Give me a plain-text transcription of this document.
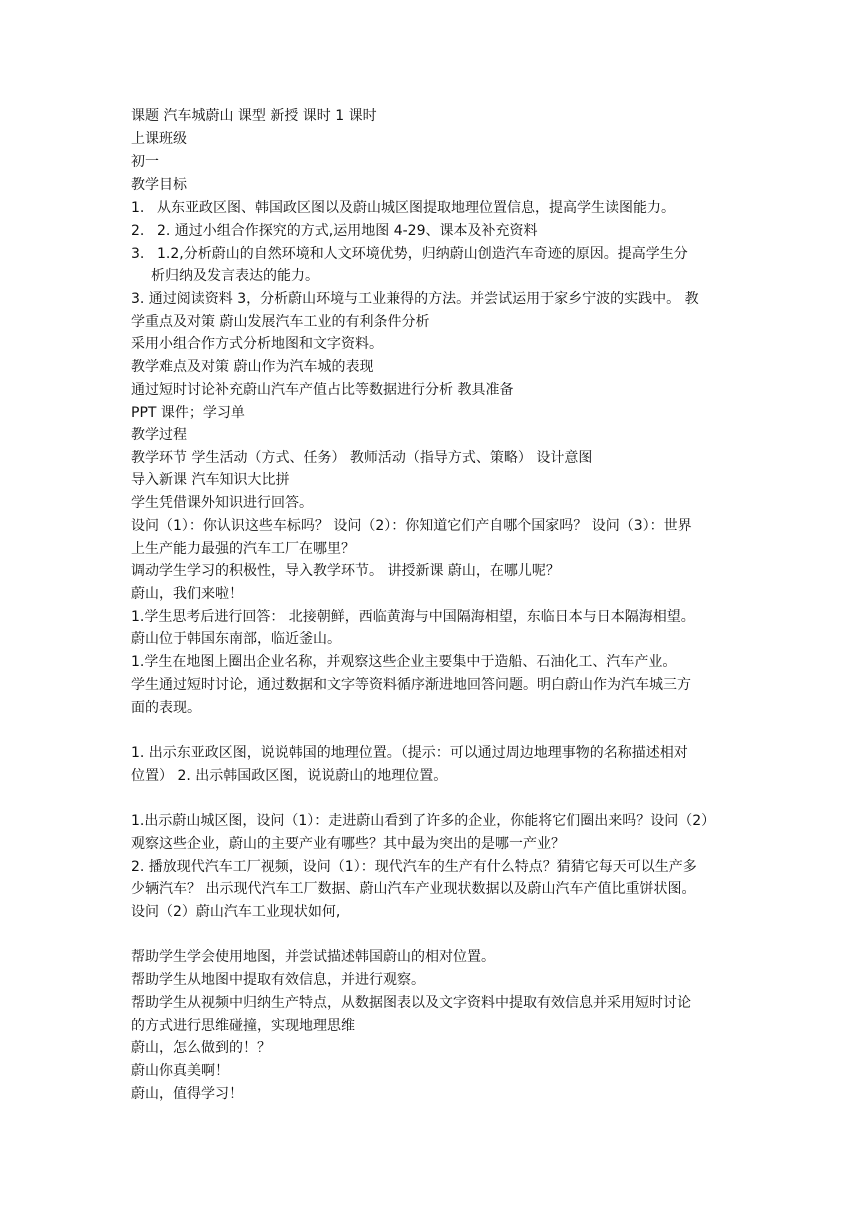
课题 汽车城蔚山 课型 新授 课时 1 课时
上课班级
初一
教学目标
1. 从东亚政区图、韩国政区图以及蔚山城区图提取地理位置信息，提高学生读图能力。
2. 2. 通过小组合作探究的方式,运用地图 4-29、课本及补充资料
3. 1.2,分析蔚山的自然环境和人文环境优势，归纳蔚山创造汽车奇迹的原因。提高学生分
析归纳及发言表达的能力。
3. 通过阅读资料 3，分析蔚山环境与工业兼得的方法。并尝试运用于家乡宁波的实践中。 教
学重点及对策 蔚山发展汽车工业的有利条件分析
采用小组合作方式分析地图和文字资料。
教学难点及对策 蔚山作为汽车城的表现
通过短时讨论补充蔚山汽车产值占比等数据进行分析 教具准备
PPT 课件；学习单
教学过程
教学环节 学生活动（方式、任务） 教师活动（指导方式、策略） 设计意图
导入新课 汽车知识大比拼
学生凭借课外知识进行回答。
设问（1）：你认识这些车标吗？ 设问（2）：你知道它们产自哪个国家吗？ 设问（3）：世界
上生产能力最强的汽车工厂在哪里？
调动学生学习的积极性，导入教学环节。 讲授新课 蔚山，在哪儿呢？
蔚山，我们来啦！
1.学生思考后进行回答： 北接朝鲜，西临黄海与中国隔海相望，东临日本与日本隔海相望。
蔚山位于韩国东南部，临近釜山。
1.学生在地图上圈出企业名称，并观察这些企业主要集中于造船、石油化工、汽车产业。
学生通过短时讨论，通过数据和文字等资料循序渐进地回答问题。明白蔚山作为汽车城三方
面的表现。
1. 出示东亚政区图，说说韩国的地理位置。（提示：可以通过周边地理事物的名称描述相对
位置） 2. 出示韩国政区图，说说蔚山的地理位置。
1.出示蔚山城区图，设问（1）：走进蔚山看到了许多的企业，你能将它们圈出来吗？设问（2）
观察这些企业，蔚山的主要产业有哪些？其中最为突出的是哪一产业？
2. 播放现代汽车工厂视频，设问（1）：现代汽车的生产有什么特点？猜猜它每天可以生产多
少辆汽车？ 出示现代汽车工厂数据、蔚山汽车产业现状数据以及蔚山汽车产值比重饼状图。
设问（2）蔚山汽车工业现状如何,
帮助学生学会使用地图，并尝试描述韩国蔚山的相对位置。
帮助学生从地图中提取有效信息，并进行观察。
帮助学生从视频中归纳生产特点，从数据图表以及文字资料中提取有效信息并采用短时讨论
的方式进行思维碰撞，实现地理思维
蔚山，怎么做到的！？
蔚山你真美啊！
蔚山，值得学习！
